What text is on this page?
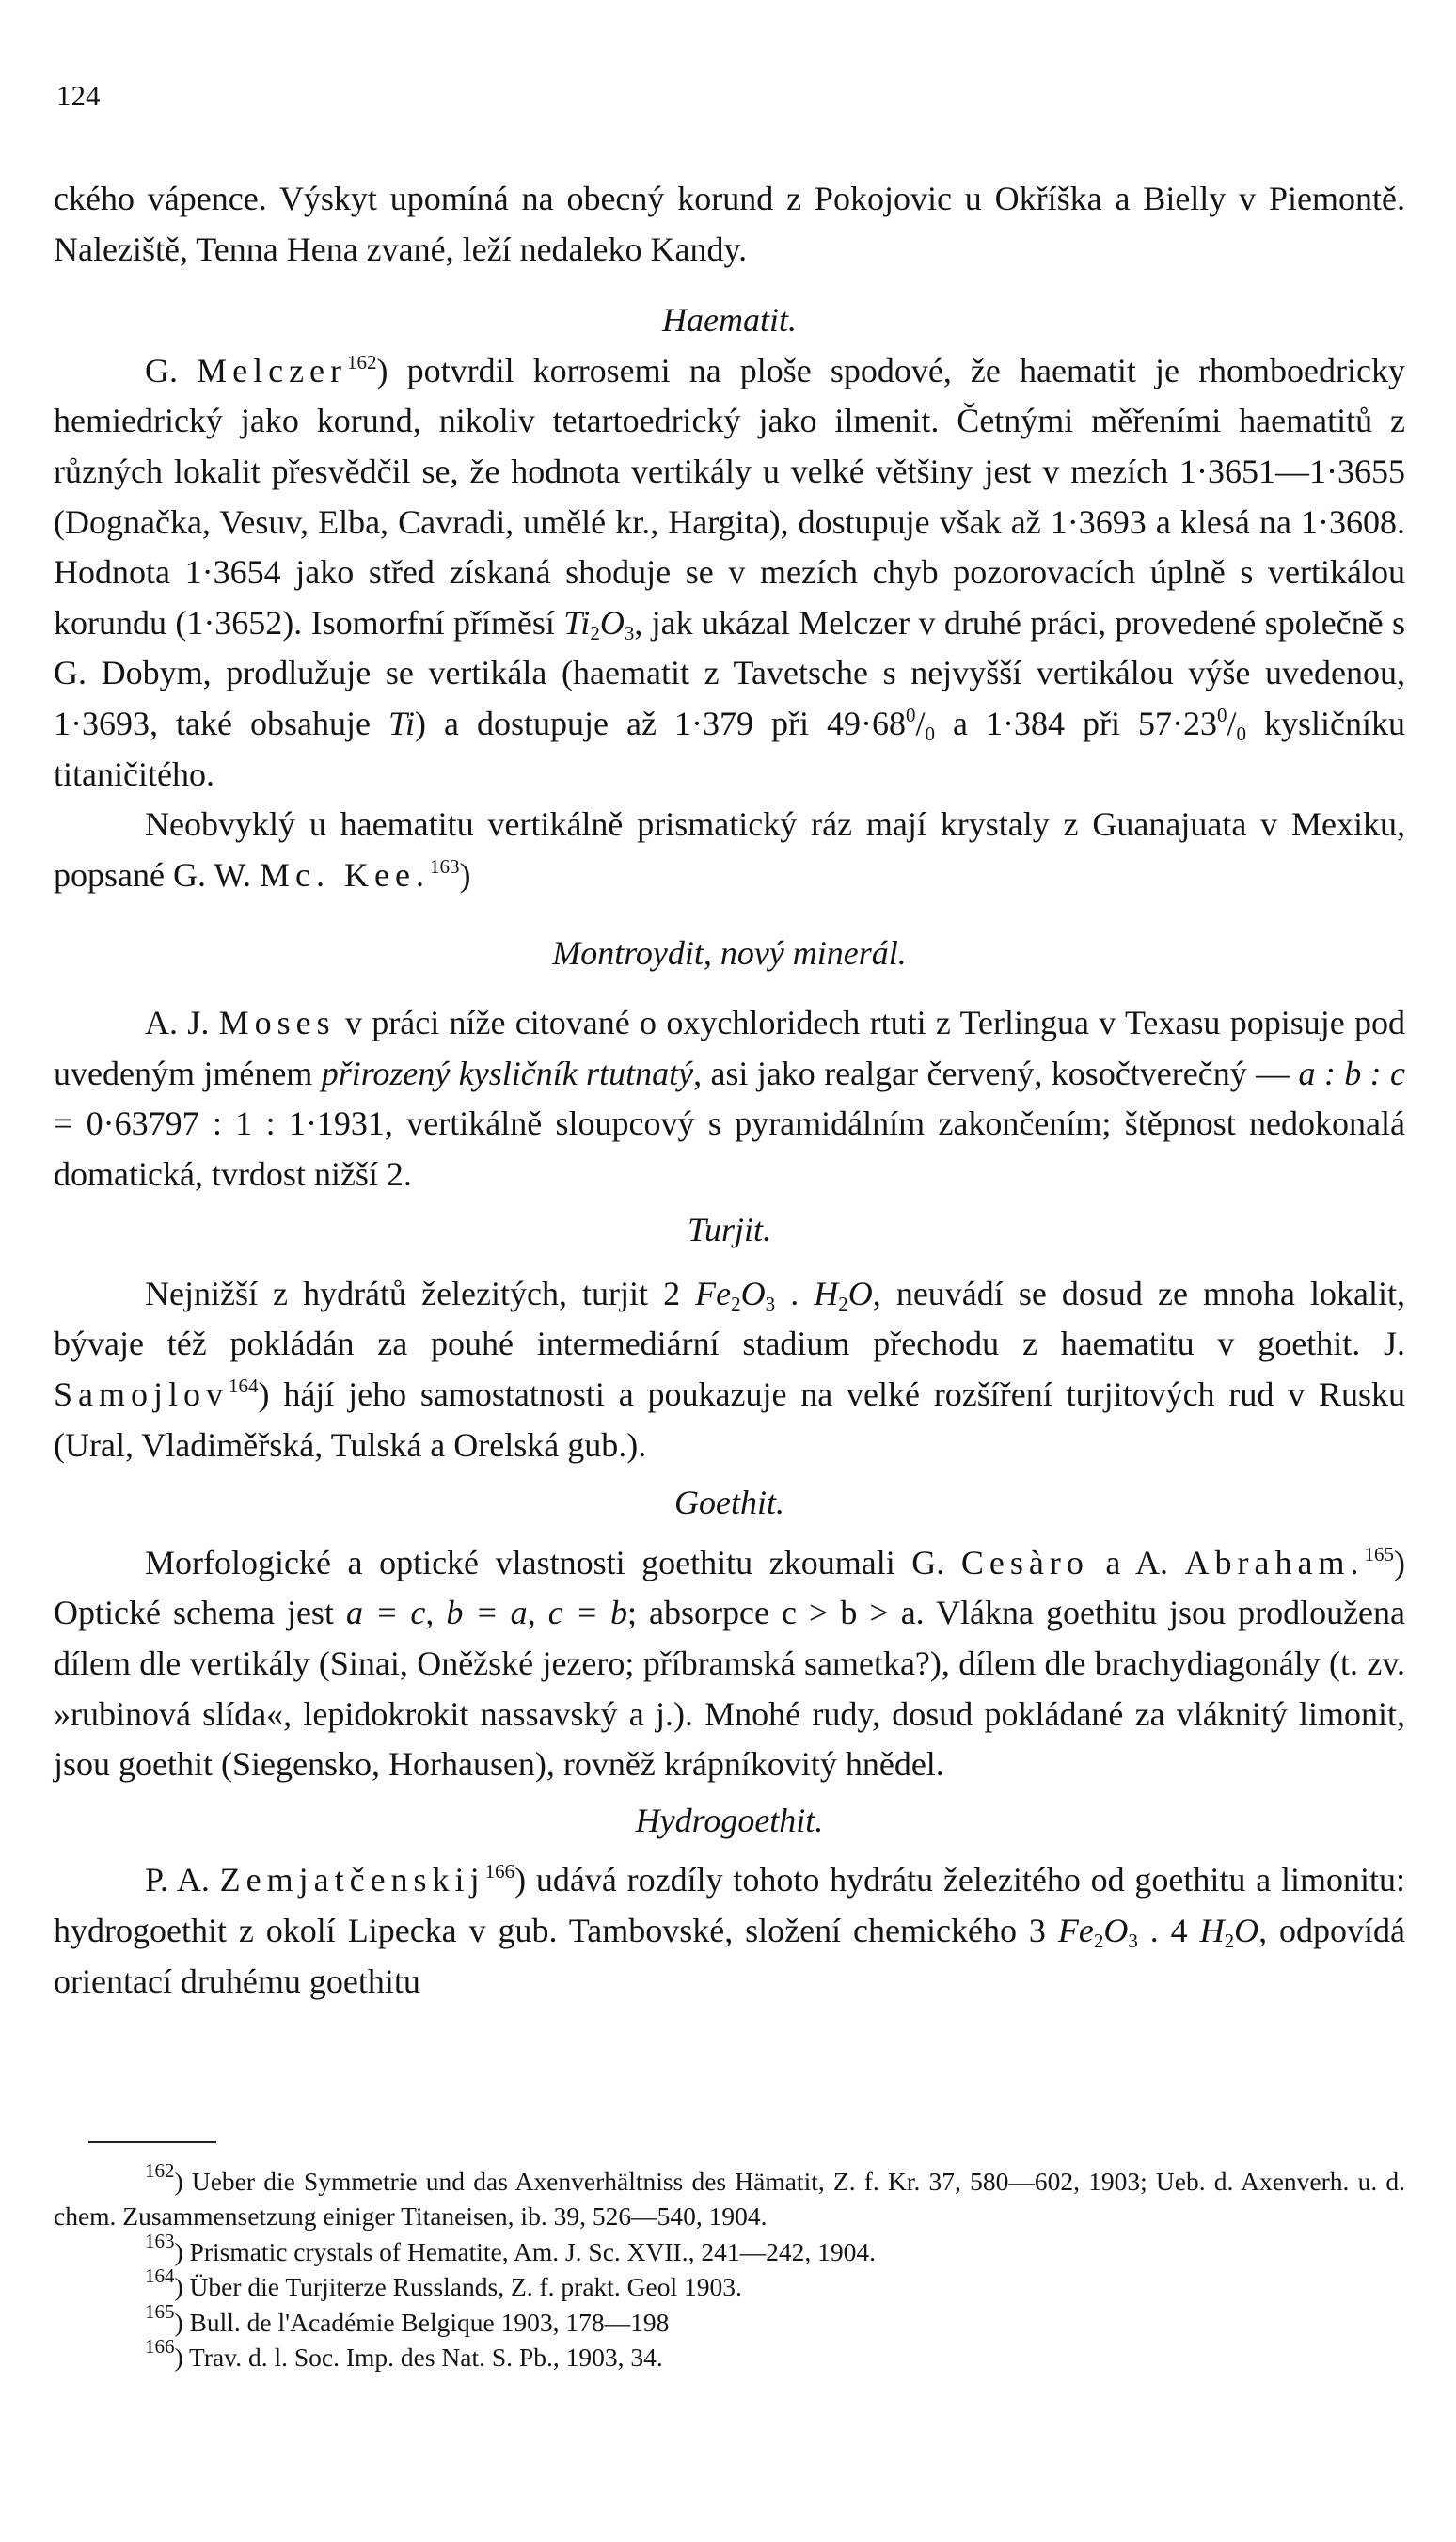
124

ckého vápence. Výskyt upomíná na obecný korund z Pokojovic u Okříška a Bielly v Piemontě. Naleziště, Tenna Hena zvané, leží nedaleko Kandy.

Haematit.

G. Melczer$^{162}$) potvrdil korrosemi na ploše spodové, že haematit je rhomboedricky hemiedrický jako korund, nikoliv tetartoedrický jako ilmenit. Četnými měřeními haematitů z různých lokalit přesvědčil se, že hodnota vertikály u velké většiny jest v mezích 1·3651—1·3655 (Dognačka, Vesuv, Elba, Cavradi, umělé kr., Hargita), dostupuje však až 1·3693 a klesá na 1·3608. Hodnota 1·3654 jako střed získaná shoduje se v mezích chyb pozorovacích úplně s vertikálou korundu (1·3652). Isomorfní příměsí $Ti_2O_3$, jak ukázal Melczer v druhé práci, provedené společně s G. Dobym, prodlužuje se vertikála (haematit z Tavetsche s nejvyšší vertikálou výše uvedenou, 1·3693, také obsahuje Ti) a dostupuje až 1·379 při $49\cdot 68^0/_0$ a 1·384 při $57\cdot 23^0/_0$ kysličníku titaničitého.

Neobvyklý u haematitu vertikálně prismatický ráz mají krystaly z Guanajuata v Mexiku, popsané G. W. Mc. Kee.$^{163}$)

Montroydit, nový minerál.

A. J. Moses v práci níže citované o oxychloridech rtuti z Terlingua v Texasu popisuje pod uvedeným jménem přirozený kysličník rtutnatý, asi jako realgar červený, kosočtverečný — a : b : c = 0·63797 : 1 : 1·1931, vertikálně sloupcový s pyramidálním zakončením; štěpnost nedokonalá domatická, tvrdost nižší 2.

Turjit.

Nejnižší z hydrátů železitých, turjit 2 $Fe_2O_3$ . $H_2O$, neuvádí se dosud ze mnoha lokalit, bývaje též pokládán za pouhé intermediární stadium přechodu z haematitu v goethit. J. Samojlov$^{164}$) hájí jeho samostatnosti a poukazuje na velké rozšíření turjitových rud v Rusku (Ural, Vladiměřská, Tulská a Orelská gub.).

Goethit.

Morfologické a optické vlastnosti goethitu zkoumali G. Cesàro a A. Abraham.$^{165}$) Optické schema jest a = c, b = a, c = b; absorpce c > b > a. Vlákna goethitu jsou prodloužena dílem dle vertikály (Sinai, Oněžské jezero; příbramská sametka?), dílem dle brachydiagonály (t. zv. »rubinová slída«, lepidokrokit nassavský a j.). Mnohé rudy, dosud pokládané za vláknitý limonit, jsou goethit (Siegensko, Horhausen), rovněž krápníkovitý hnědel.

Hydrogoethit.

P. A. Zemjatčenskij$^{166}$) udává rozdíly tohoto hydrátu železitého od goethitu a limonitu: hydrogoethit z okolí Lipecka v gub. Tambovské, složení chemického 3 $Fe_2O_3$ . 4 $H_2O$, odpovídá orientací druhému goethitu

$^{162}$) Ueber die Symmetrie und das Axenverhältniss des Hämatit, Z. f. Kr. 37, 580—602, 1903; Ueb. d. Axenverh. u. d. chem. Zusammensetzung einiger Titaneisen, ib. 39, 526—540, 1904.

$^{163}$) Prismatic crystals of Hematite, Am. J. Sc. XVII., 241—242, 1904.

$^{164}$) Über die Turjiterze Russlands, Z. f. prakt. Geol 1903.

$^{165}$) Bull. de l'Académie Belgique 1903, 178—198

$^{166}$) Trav. d. l. Soc. Imp. des Nat. S. Pb., 1903, 34.
